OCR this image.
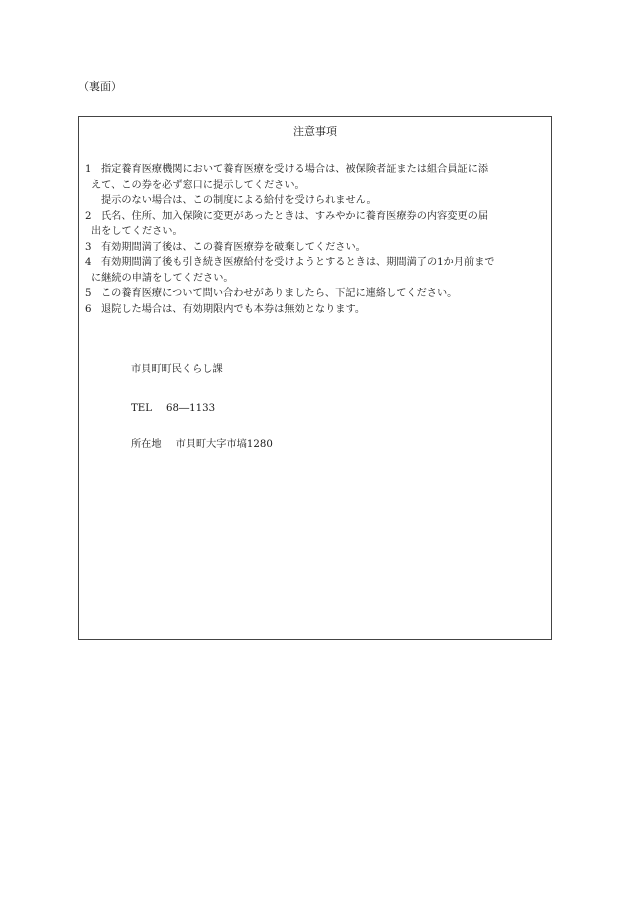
（裏面）
注意事項
1 指定養育医療機関において養育医療を受ける場合は、被保険者証または組合員証に添
えて、この券を必ず窓口に提示してください。
提示のない場合は、この制度による給付を受けられません。
2 氏名、住所、加入保険に変更があったときは、すみやかに養育医療券の内容変更の届
出をしてください。
3 有効期間満了後は、この養育医療券を破棄してください。
4 有効期間満了後も引き続き医療給付を受けようとするときは、期間満了の1か月前まで
に継続の申請をしてください。
5 この養育医療について問い合わせがありましたら、下記に連絡してください。
6 退院した場合は、有効期限内でも本券は無効となります。
市貝町町民くらし課
TEL 68―1133
所在地 市貝町大字市塙1280
